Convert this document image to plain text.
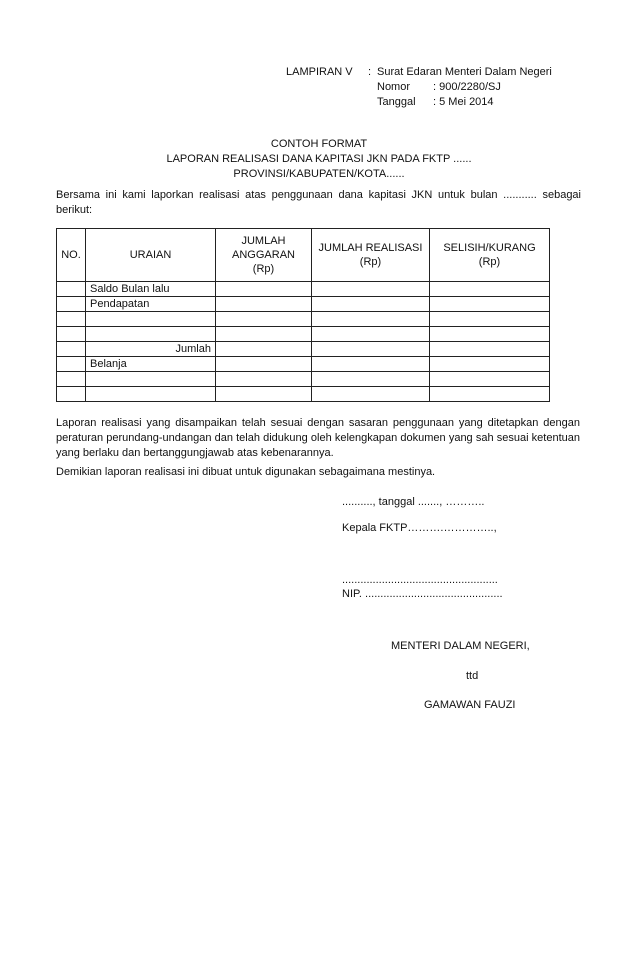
LAMPIRAN V : Surat Edaran Menteri Dalam Negeri
Nomor : 900/2280/SJ
Tanggal : 5 Mei 2014
CONTOH FORMAT
LAPORAN REALISASI DANA KAPITASI JKN PADA FKTP ......
PROVINSI/KABUPATEN/KOTA......
Bersama ini kami laporkan realisasi atas penggunaan dana kapitasi JKN untuk bulan ........... sebagai berikut:
NO.	URAIAN	JUMLAH ANGGARAN (Rp)	JUMLAH REALISASI (Rp)	SELISIH/KURANG (Rp)
	Saldo Bulan lalu			
	Pendapatan			

	Jumlah			
	Belanja			

Laporan realisasi yang disampaikan telah sesuai dengan sasaran penggunaan yang ditetapkan dengan peraturan perundang-undangan dan telah didukung oleh kelengkapan dokumen yang sah sesuai ketentuan yang berlaku dan bertanggungjawab atas kebenarannya.
Demikian laporan realisasi ini dibuat untuk digunakan sebagaimana mestinya.
.........., tanggal ......., ………..
Kepala FKTP……….…………..,
...................................................
NIP. .............................................
MENTERI DALAM NEGERI,
ttd
GAMAWAN FAUZI
